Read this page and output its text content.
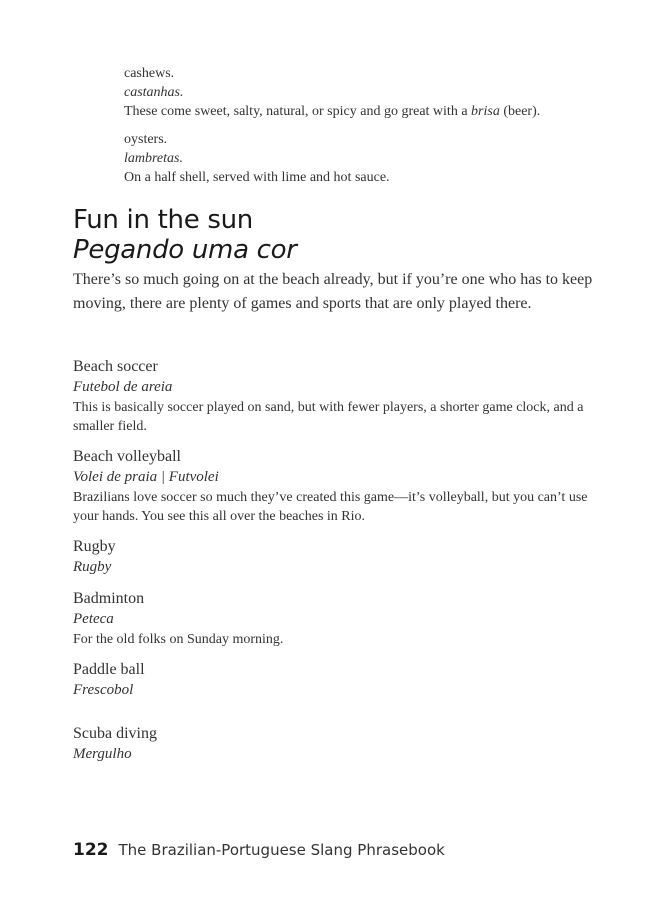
cashews.
castanhas.
These come sweet, salty, natural, or spicy and go great with a brisa (beer).
oysters.
lambretas.
On a half shell, served with lime and hot sauce.
Fun in the sun
Pegando uma cor
There’s so much going on at the beach already, but if you’re one who has to keep moving, there are plenty of games and sports that are only played there.
Beach soccer
Futebol de areia
This is basically soccer played on sand, but with fewer players, a shorter game clock, and a smaller field.
Beach volleyball
Volei de praia | Futvolei
Brazilians love soccer so much they’ve created this game—it’s volleyball, but you can’t use your hands. You see this all over the beaches in Rio.
Rugby
Rugby
Badminton
Peteca
For the old folks on Sunday morning.
Paddle ball
Frescobol
Scuba diving
Mergulho
122 The Brazilian-Portuguese Slang Phrasebook
